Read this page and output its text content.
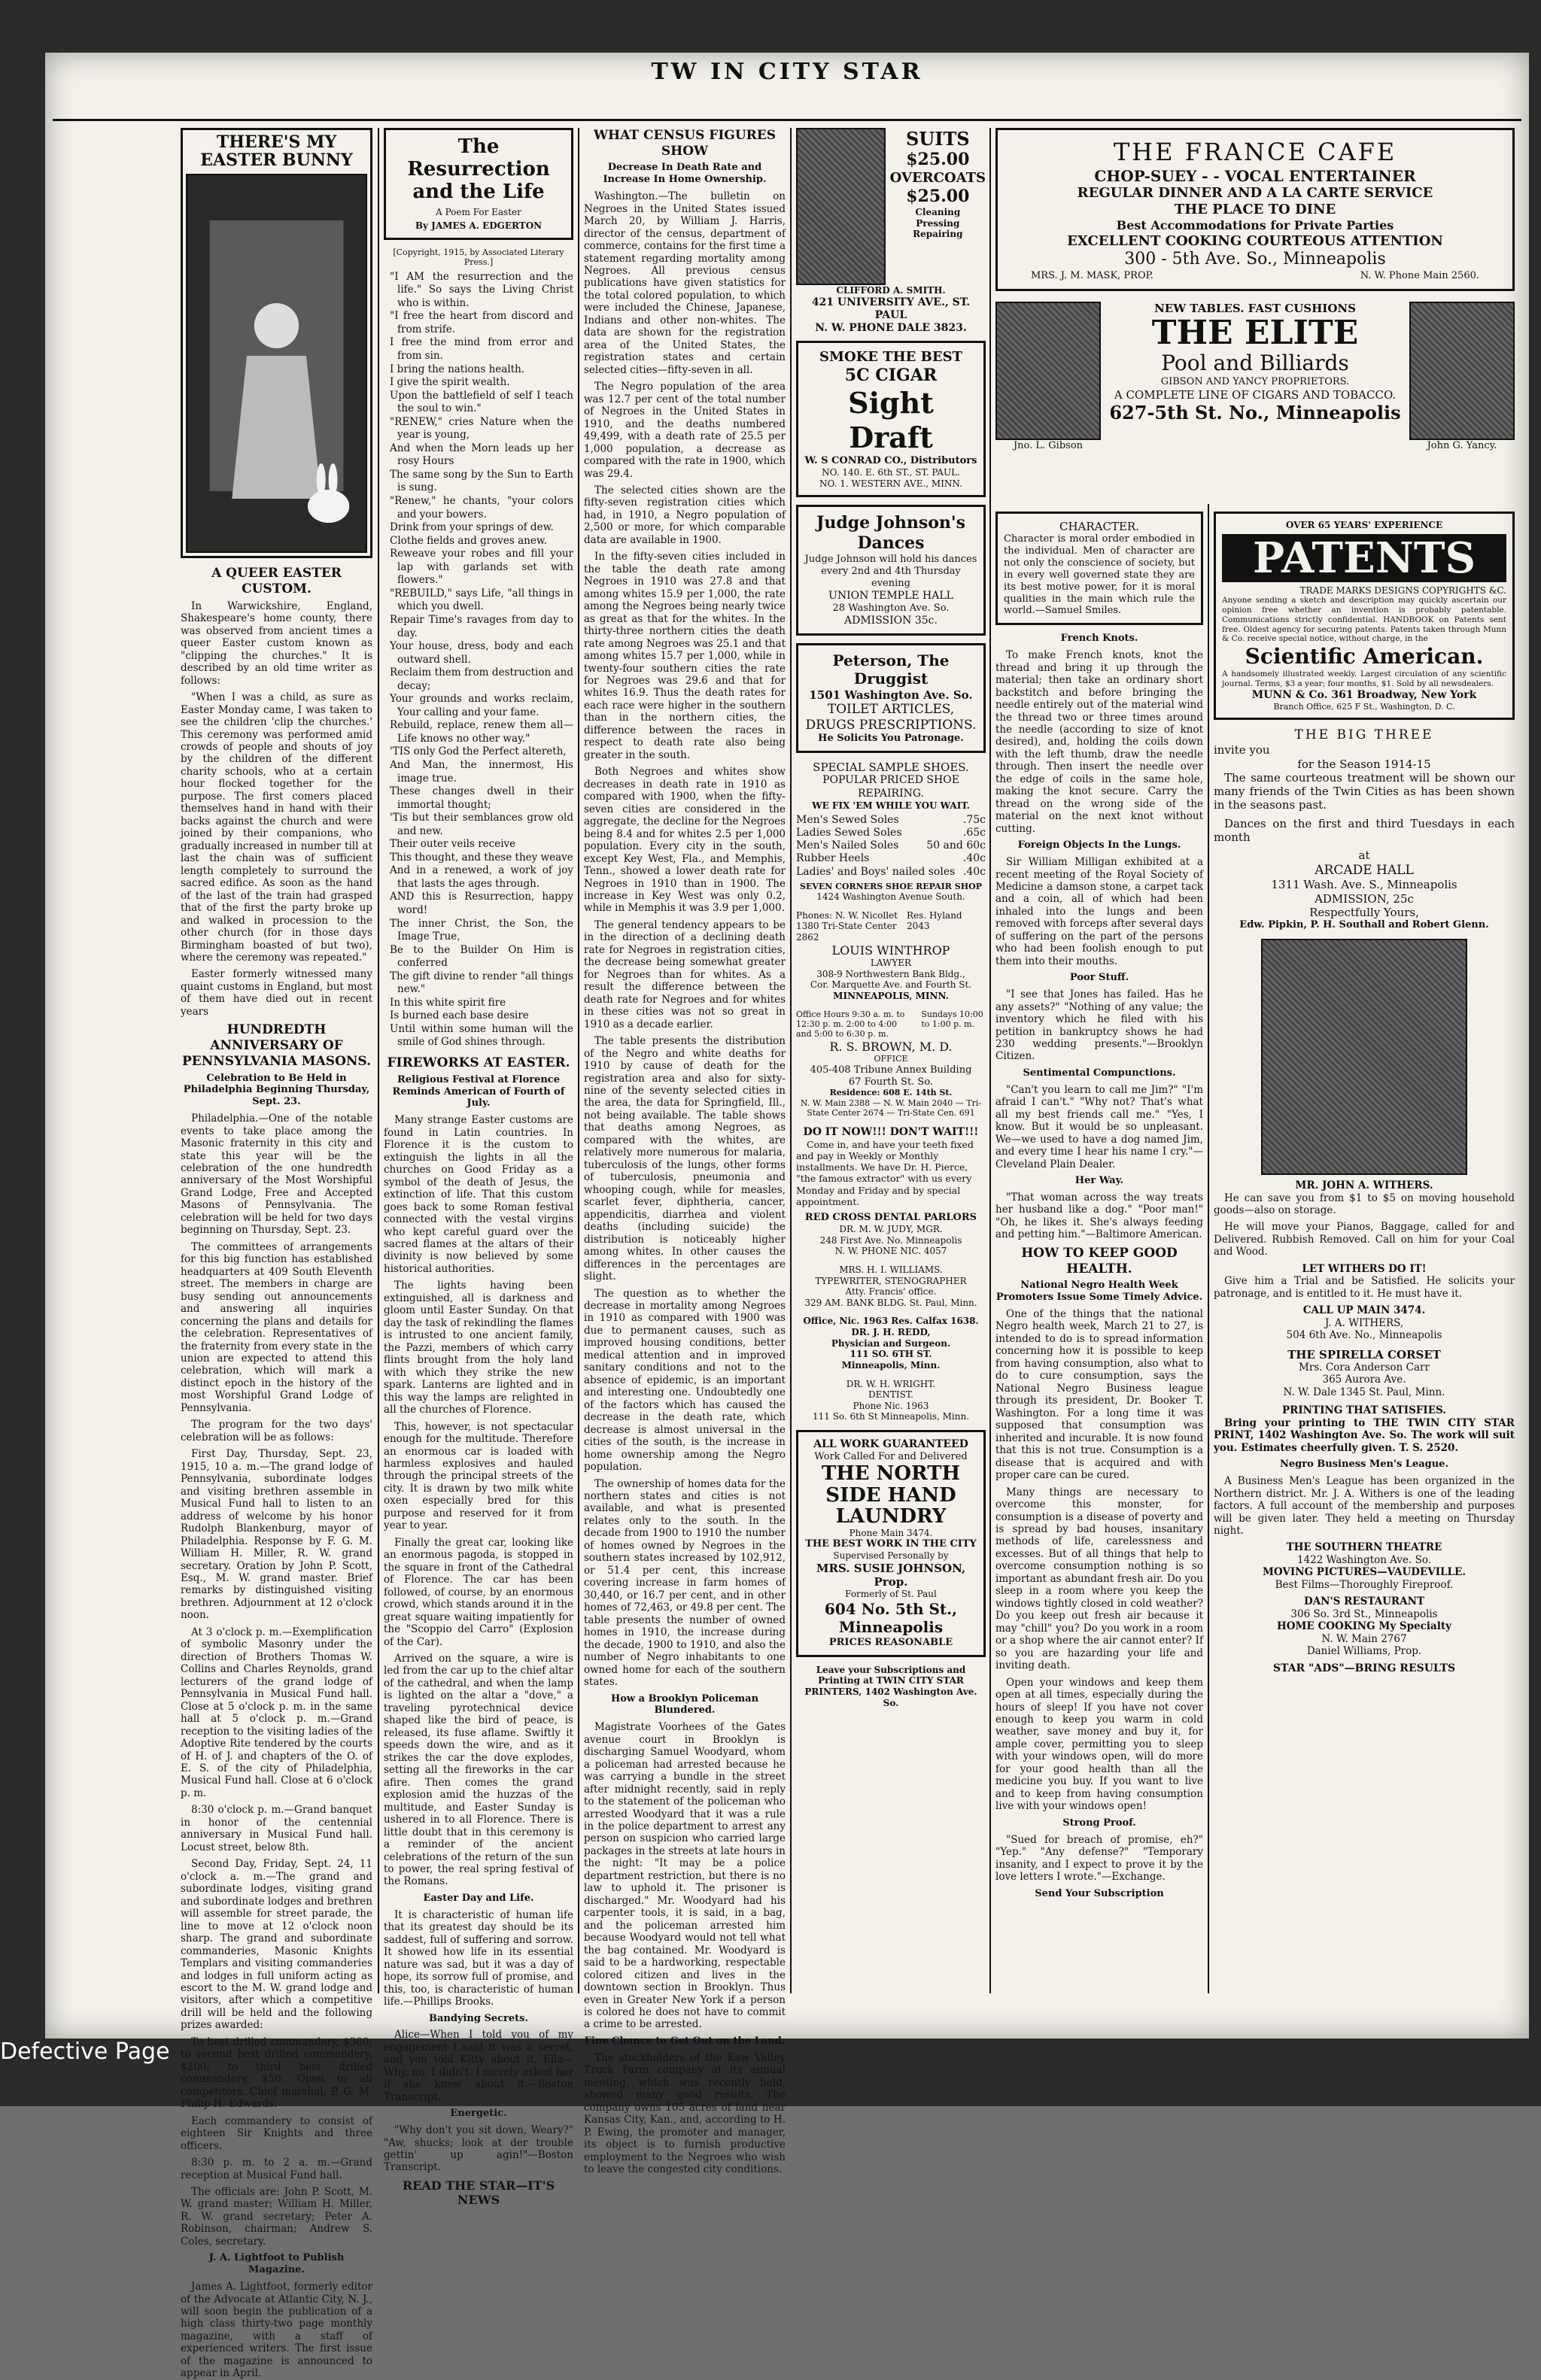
TW IN CITY STAR
THERE'S MY EASTER BUNNY
A QUEER EASTER CUSTOM.

In Warwickshire, England, Shakespeare's home county, there was observed from ancient times a queer Easter custom known as "clipping the churches." It is described by an old time writer as follows:

"When I was a child, as sure as Easter Monday came, I was taken to see the children 'clip the churches.' This ceremony was performed amid crowds of people and shouts of joy by the children of the different charity schools, who at a certain hour flocked together for the purpose. The first comers placed themselves hand in hand with their backs against the church and were joined by their companions, who gradually increased in number till at last the chain was of sufficient length completely to surround the sacred edifice. As soon as the hand of the last of the train had grasped that of the first the party broke up and walked in procession to the other church (for in those days Birmingham boasted of but two), where the ceremony was repeated."

Easter formerly witnessed many quaint customs in England, but most of them have died out in recent years

HUNDREDTH ANNIVERSARY OF PENNSYLVANIA MASONS.
Celebration to Be Held in Philadelphia Beginning Thursday, Sept. 23.

Philadelphia.—One of the notable events to take place among the Masonic fraternity in this city and state this year will be the celebration of the one hundredth anniversary of the Most Worshipful Grand Lodge, Free and Accepted Masons of Pennsylvania. The celebration will be held for two days beginning on Thursday, Sept. 23.

The committees of arrangements for this big function has established headquarters at 409 South Eleventh street. The members in charge are busy sending out announcements and answering all inquiries concerning the plans and details for the celebration. Representatives of the fraternity from every state in the union are expected to attend this celebration, which will mark a distinct epoch in the history of the most Worshipful Grand Lodge of Pennsylvania.

The program for the two days' celebration will be as follows:

First Day, Thursday, Sept. 23, 1915, 10 a. m.—The grand lodge of Pennsylvania, subordinate lodges and visiting brethren assemble in Musical Fund hall to listen to an address of welcome by his honor Rudolph Blankenburg, mayor of Philadelphia. Response by F. G. M. William H. Miller, R. W. grand secretary. Oration by John P. Scott, Esq., M. W. grand master. Brief remarks by distinguished visiting brethren. Adjournment at 12 o'clock noon.

At 3 o'clock p. m.—Exemplification of symbolic Masonry under the direction of Brothers Thomas W. Collins and Charles Reynolds, grand lecturers of the grand lodge of Pennsylvania in Musical Fund hall. Close at 5 o'clock p. m. in the same hall at 5 o'clock p. m.—Grand reception to the visiting ladies of the Adoptive Rite tendered by the courts of H. of J. and chapters of the O. of E. S. of the city of Philadelphia, Musical Fund hall. Close at 6 o'clock p. m.

8:30 o'clock p. m.—Grand banquet in honor of the centennial anniversary in Musical Fund hall. Locust street, below 8th.

Second Day, Friday, Sept. 24, 11 o'clock a. m.—The grand and subordinate lodges, visiting grand and subordinate lodges and brethren will assemble for street parade, the line to move at 12 o'clock noon sharp. The grand and subordinate commanderies, Masonic Knights Templars and visiting commanderies and lodges in full uniform acting as escort to the M. W. grand lodge and visitors, after which a competitive drill will be held and the following prizes awarded:

To best drilled commandery, $300; to second best drilled commandery, $200; to third best drilled commandery, $50. Open to all competitors. Chief marshal, P. G. M. Philip H. Edwards.

Each commandery to consist of eighteen Sir Knights and three officers.

8:30 p. m. to 2 a. m.—Grand reception at Musical Fund hall.

The officials are: John P. Scott, M. W. grand master; William H. Miller, R. W. grand secretary; Peter A. Robinson, chairman; Andrew S. Coles, secretary.

J. A. Lightfoot to Publish Magazine.

James A. Lightfoot, formerly editor of the Advocate at Atlantic City, N. J., will soon begin the publication of a high class thirty-two page monthly magazine, with a staff of experienced writers. The first issue of the magazine is announced to appear in April.

The Resurrection and the Life
A Poem For Easter
By JAMES A. EDGERTON
[Copyright, 1915, by Associated Literary Press.]
"I AM the resurrection and the life." So says the Living Christ who is within.
"I free the heart from discord and from strife.
I free the mind from error and from sin.
I bring the nations health.
I give the spirit wealth.
Upon the battlefield of self I teach the soul to win."
"RENEW," cries Nature when the year is young,
And when the Morn leads up her rosy Hours
The same song by the Sun to Earth is sung.
"Renew," he chants, "your colors and your bowers.
Drink from your springs of dew.
Clothe fields and groves anew.
Reweave your robes and fill your lap with garlands set with flowers."
"REBUILD," says Life, "all things in which you dwell.
Repair Time's ravages from day to day.
Your house, dress, body and each outward shell.
Reclaim them from destruction and decay;
Your grounds and works reclaim, Your calling and your fame.
Rebuild, replace, renew them all—Life knows no other way."
'TIS only God the Perfect altereth,
And Man, the innermost, His image true.
These changes dwell in their immortal thought;
'Tis but their semblances grow old and new.
Their outer veils receive
This thought, and these they weave
And in a renewed, a work of joy that lasts the ages through.
AND this is Resurrection, happy word!
The inner Christ, the Son, the Image True,
Be to the Builder On Him is conferred
The gift divine to render "all things new."
In this white spirit fire
Is burned each base desire
Until within some human will the smile of God shines through.
FIREWORKS AT EASTER.
Religious Festival at Florence Reminds American of Fourth of July.

Many strange Easter customs are found in Latin countries. In Florence it is the custom to extinguish the lights in all the churches on Good Friday as a symbol of the death of Jesus, the extinction of life. That this custom goes back to some Roman festival connected with the vestal virgins who kept careful guard over the sacred flames at the altars of their divinity is now believed by some historical authorities.

The lights having been extinguished, all is darkness and gloom until Easter Sunday. On that day the task of rekindling the flames is intrusted to one ancient family, the Pazzi, members of which carry flints brought from the holy land with which they strike the new spark. Lanterns are lighted and in this way the lamps are relighted in all the churches of Florence.

This, however, is not spectacular enough for the multitude. Therefore an enormous car is loaded with harmless explosives and hauled through the principal streets of the city. It is drawn by two milk white oxen especially bred for this purpose and reserved for it from year to year.

Finally the great car, looking like an enormous pagoda, is stopped in the square in front of the Cathedral of Florence. The car has been followed, of course, by an enormous crowd, which stands around it in the great square waiting impatiently for the "Scoppio del Carro" (Explosion of the Car).

Arrived on the square, a wire is led from the car up to the chief altar of the cathedral, and when the lamp is lighted on the altar a "dove," a traveling pyrotechnical device shaped like the bird of peace, is released, its fuse aflame. Swiftly it speeds down the wire, and as it strikes the car the dove explodes, setting all the fireworks in the car afire. Then comes the grand explosion amid the huzzas of the multitude, and Easter Sunday is ushered in to all Florence. There is little doubt that in this ceremony is a reminder of the ancient celebrations of the return of the sun to power, the real spring festival of the Romans.

Easter Day and Life.

It is characteristic of human life that its greatest day should be its saddest, full of suffering and sorrow. It showed how life in its essential nature was sad, but it was a day of hope, its sorrow full of promise, and this, too, is characteristic of human life.—Phillips Brooks.

Bandying Secrets.

Alice—When I told you of my engagement I said it was a secret, and you told Kitty about it. Ella—Why, no, I didn't. I merely asked her if she knew about it.—Boston Transcript.

Energetic.

"Why don't you sit down, Weary?" "Aw, shucks; look at der trouble gettin' up agin!"—Boston Transcript.

READ THE STAR—IT'S NEWS
WHAT CENSUS FIGURES SHOW
Decrease In Death Rate and Increase In Home Ownership.

Washington.—The bulletin on Negroes in the United States issued March 20, by William J. Harris, director of the census, department of commerce, contains for the first time a statement regarding mortality among Negroes. All previous census publications have given statistics for the total colored population, to which were included the Chinese, Japanese, Indians and other non-whites. The data are shown for the registration area of the United States, the registration states and certain selected cities—fifty-seven in all.

The Negro population of the area was 12.7 per cent of the total number of Negroes in the United States in 1910, and the deaths numbered 49,499, with a death rate of 25.5 per 1,000 population, a decrease as compared with the rate in 1900, which was 29.4.

The selected cities shown are the fifty-seven registration cities which had, in 1910, a Negro population of 2,500 or more, for which comparable data are available in 1900.

In the fifty-seven cities included in the table the death rate among Negroes in 1910 was 27.8 and that among whites 15.9 per 1,000, the rate among the Negroes being nearly twice as great as that for the whites. In the thirty-three northern cities the death rate among Negroes was 25.1 and that among whites 15.7 per 1,000, while in twenty-four southern cities the rate for Negroes was 29.6 and that for whites 16.9. Thus the death rates for each race were higher in the southern than in the northern cities, the difference between the races in respect to death rate also being greater in the south.

Both Negroes and whites show decreases in death rate in 1910 as compared with 1900, when the fifty-seven cities are considered in the aggregate, the decline for the Negroes being 8.4 and for whites 2.5 per 1,000 population. Every city in the south, except Key West, Fla., and Memphis, Tenn., showed a lower death rate for Negroes in 1910 than in 1900. The increase in Key West was only 0.2, while in Memphis it was 3.9 per 1,000.

The general tendency appears to be in the direction of a declining death rate for Negroes in registration cities, the decrease being somewhat greater for Negroes than for whites. As a result the difference between the death rate for Negroes and for whites in these cities was not so great in 1910 as a decade earlier.

The table presents the distribution of the Negro and white deaths for 1910 by cause of death for the registration area and also for sixty-nine of the seventy selected cities in the area, the data for Springfield, Ill., not being available. The table shows that deaths among Negroes, as compared with the whites, are relatively more numerous for malaria, tuberculosis of the lungs, other forms of tuberculosis, pneumonia and whooping cough, while for measles, scarlet fever, diphtheria, cancer, appendicitis, diarrhea and violent deaths (including suicide) the distribution is noticeably higher among whites. In other causes the differences in the percentages are slight.

The question as to whether the decrease in mortality among Negroes in 1910 as compared with 1900 was due to permanent causes, such as improved housing conditions, better medical attention and in improved sanitary conditions and not to the absence of epidemic, is an important and interesting one. Undoubtedly one of the factors which has caused the decrease in the death rate, which decrease is almost universal in the cities of the south, is the increase in home ownership among the Negro population.

The ownership of homes data for the northern states and cities is not available, and what is presented relates only to the south. In the decade from 1900 to 1910 the number of homes owned by Negroes in the southern states increased by 102,912, or 51.4 per cent, this increase covering increase in farm homes of 30,440, or 16.7 per cent, and in other homes of 72,463, or 49.8 per cent. The table presents the number of owned homes in 1910, the increase during the decade, 1900 to 1910, and also the number of Negro inhabitants to one owned home for each of the southern states.

How a Brooklyn Policeman Blundered.

Magistrate Voorhees of the Gates avenue court in Brooklyn is discharging Samuel Woodyard, whom a policeman had arrested because he was carrying a bundle in the street after midnight recently, said in reply to the statement of the policeman who arrested Woodyard that it was a rule in the police department to arrest any person on suspicion who carried large packages in the streets at late hours in the night: "It may be a police department restriction, but there is no law to uphold it. The prisoner is discharged." Mr. Woodyard had his carpenter tools, it is said, in a bag, and the policeman arrested him because Woodyard would not tell what the bag contained. Mr. Woodyard is said to be a hardworking, respectable colored citizen and lives in the downtown section in Brooklyn. Thus even in Greater New York if a person is colored he does not have to commit a crime to be arrested.

Fine Chance to Get Out on the Land.

The stockholders of the Kaw Valley Truck Farm company at its annual meeting, which was recently held, showed many good results. The company owns 105 acres of land near Kansas City, Kan., and, according to H. P. Ewing, the promoter and manager, its object is to furnish productive employment to the Negroes who wish to leave the congested city conditions.

SUITS
$25.00
OVERCOATS
$25.00
Cleaning
Pressing
Repairing
CLIFFORD A. SMITH.
421 UNIVERSITY AVE., ST. PAUL
N. W. PHONE DALE 3823.
SMOKE THE BEST
5C CIGAR
Sight Draft
W. S CONRAD CO., Distributors
NO. 140. E. 6th ST., ST. PAUL.
NO. 1. WESTERN AVE., MINN.
Judge Johnson's Dances
Judge Johnson will hold his dances every 2nd and 4th Thursday evening
UNION TEMPLE HALL
28 Washington Ave. So.
ADMISSION 35c.
Peterson, The Druggist
1501 Washington Ave. So.
TOILET ARTICLES, DRUGS PRESCRIPTIONS.
He Solicits You Patronage.
SPECIAL SAMPLE SHOES.
POPULAR PRICED SHOE REPAIRING.
WE FIX 'EM WHILE YOU WAIT.
Men's Sewed Soles	.75c
Ladies Sewed Soles	.65c
Men's Nailed Soles	50 and 60c
Rubber Heels	.40c
Ladies' and Boys' nailed soles .40c
SEVEN CORNERS SHOE REPAIR SHOP
1424 Washington Avenue South.
Phones: N. W. Nicollet 1380 Tri-State Center 2862
Res. Hyland 2043
LOUIS WINTHROP
LAWYER
308-9 Northwestern Bank Bldg.,
Cor. Marquette Ave. and Fourth St.
MINNEAPOLIS, MINN.
Office Hours 9:30 a. m. to 12:30 p. m. 2:00 to 4:00 and 5:00 to 6:30 p. m.
Sundays 10:00 to 1:00 p. m.
R. S. BROWN, M. D.
OFFICE
405-408 Tribune Annex Building
67 Fourth St. So.
Residence: 608 E. 14th St.
N. W. Main 2388 — N. W. Main 2040 — Tri-State Center 2674 — Tri-State Cen. 691
DO IT NOW!!! DON'T WAIT!!!

Come in, and have your teeth fixed and pay in Weekly or Monthly installments. We have Dr. H. Pierce, "the famous extractor" with us every Monday and Friday and by special appointment.

RED CROSS DENTAL PARLORS
DR. M. W. JUDY, MGR.
248 First Ave. No. Minneapolis
N. W. PHONE NIC. 4057
MRS. H. I. WILLIAMS.
TYPEWRITER, STENOGRAPHER
Atty. Francis' office.
329 AM. BANK BLDG. St. Paul, Minn.
Office, Nic. 1963 Res. Calfax 1638.
DR. J. H. REDD,
Physician and Surgeon.
111 SO. 6TH ST.
Minneapolis, Minn.
DR. W. H. WRIGHT.
DENTIST.
Phone Nic. 1963
111 So. 6th St Minneapolis, Minn.
ALL WORK GUARANTEED
Work Called For and Delivered
THE NORTH SIDE HAND LAUNDRY
Phone Main 3474.
THE BEST WORK IN THE CITY
Supervised Personally by
MRS. SUSIE JOHNSON, Prop.
Formerly of St. Paul
604 No. 5th St., Minneapolis
PRICES REASONABLE
Leave your Subscriptions and Printing at TWIN CITY STAR PRINTERS, 1402 Washington Ave. So.
THE FRANCE CAFE
CHOP-SUEY - - VOCAL ENTERTAINER
REGULAR DINNER AND A LA CARTE SERVICE
THE PLACE TO DINE
Best Accommodations for Private Parties
EXCELLENT COOKING COURTEOUS ATTENTION
300 - 5th Ave. So., Minneapolis
MRS. J. M. MASK, PROP.	N. W. Phone Main 2560.
Jno. L. Gibson
NEW TABLES. FAST CUSHIONS
THE ELITE
Pool and Billiards
GIBSON AND YANCY PROPRIETORS.
A COMPLETE LINE OF CIGARS AND TOBACCO.
627-5th St. No., Minneapolis
John G. Yancy.
CHARACTER.
Character is moral order embodied in the individual. Men of character are not only the conscience of society, but in every well governed state they are its best motive power, for it is moral qualities in the main which rule the world.—Samuel Smiles.
French Knots.

To make French knots, knot the thread and bring it up through the material; then take an ordinary short backstitch and before bringing the needle entirely out of the material wind the thread two or three times around the needle (according to size of knot desired), and, holding the coils down with the left thumb, draw the needle through. Then insert the needle over the edge of coils in the same hole, making the knot secure. Carry the thread on the wrong side of the material on the next knot without cutting.

Foreign Objects In the Lungs.

Sir William Milligan exhibited at a recent meeting of the Royal Society of Medicine a damson stone, a carpet tack and a coin, all of which had been inhaled into the lungs and been removed with forceps after several days of suffering on the part of the persons who had been foolish enough to put them into their mouths.

Poor Stuff.

"I see that Jones has failed. Has he any assets?" "Nothing of any value; the inventory which he filed with his petition in bankruptcy shows he had 230 wedding presents."—Brooklyn Citizen.

Sentimental Compunctions.

"Can't you learn to call me Jim?" "I'm afraid I can't." "Why not? That's what all my best friends call me." "Yes, I know. But it would be so unpleasant. We—we used to have a dog named Jim, and every time I hear his name I cry."—Cleveland Plain Dealer.

Her Way.

"That woman across the way treats her husband like a dog." "Poor man!" "Oh, he likes it. She's always feeding and petting him."—Baltimore American.

HOW TO KEEP GOOD HEALTH.
National Negro Health Week Promoters Issue Some Timely Advice.

One of the things that the national Negro health week, March 21 to 27, is intended to do is to spread information concerning how it is possible to keep from having consumption, also what to do to cure consumption, says the National Negro Business league through its president, Dr. Booker T. Washington. For a long time it was supposed that consumption was inherited and incurable. It is now found that this is not true. Consumption is a disease that is acquired and with proper care can be cured.

Many things are necessary to overcome this monster, for consumption is a disease of poverty and is spread by bad houses, insanitary methods of life, carelessness and excesses. But of all things that help to overcome consumption nothing is so important as abundant fresh air. Do you sleep in a room where you keep the windows tightly closed in cold weather? Do you keep out fresh air because it may "chill" you? Do you work in a room or a shop where the air cannot enter? If so you are hazarding your life and inviting death.

Open your windows and keep them open at all times, especially during the hours of sleep! If you have not cover enough to keep you warm in cold weather, save money and buy it, for ample cover, permitting you to sleep with your windows open, will do more for your good health than all the medicine you buy. If you want to live and to keep from having consumption live with your windows open!

Strong Proof.

"Sued for breach of promise, eh?" "Yep." "Any defense?" "Temporary insanity, and I expect to prove it by the love letters I wrote."—Exchange.

Send Your Subscription
OVER 65 YEARS' EXPERIENCE
PATENTS
TRADE MARKS DESIGNS COPYRIGHTS &C.
Anyone sending a sketch and description may quickly ascertain our opinion free whether an invention is probably patentable. Communications strictly confidential. HANDBOOK on Patents sent free. Oldest agency for securing patents. Patents taken through Munn & Co. receive special notice, without charge, in the
Scientific American.
A handsomely illustrated weekly. Largest circulation of any scientific journal. Terms, $3 a year; four months, $1. Sold by all newsdealers.
MUNN & Co. 361 Broadway, New York
Branch Office, 625 F St., Washington, D. C.
THE BIG THREE
invite you
for the Season 1914-15

The same courteous treatment will be shown our many friends of the Twin Cities as has been shown in the seasons past.

Dances on the first and third Tuesdays in each month

at
ARCADE HALL
1311 Wash. Ave. S., Minneapolis
ADMISSION, 25c
Respectfully Yours,
Edw. Pipkin, P. H. Southall and Robert Glenn.
MR. JOHN A. WITHERS.

He can save you from $1 to $5 on moving household goods—also on storage.

He will move your Pianos, Baggage, called for and Delivered. Rubbish Removed. Call on him for your Coal and Wood.

LET WITHERS DO IT!

Give him a Trial and be Satisfied. He solicits your patronage, and is entitled to it. He must have it.

CALL UP MAIN 3474.
J. A. WITHERS,
504 6th Ave. No., Minneapolis
THE SPIRELLA CORSET
Mrs. Cora Anderson Carr
365 Aurora Ave.
N. W. Dale 1345 St. Paul, Minn.
PRINTING THAT SATISFIES.

Bring your printing to THE TWIN CITY STAR PRINT, 1402 Washington Ave. So. The work will suit you. Estimates cheerfully given. T. S. 2520.

Negro Business Men's League.

A Business Men's League has been organized in the Northern district. Mr. J. A. Withers is one of the leading factors. A full account of the membership and purposes will be given later. They held a meeting on Thursday night.

THE SOUTHERN THEATRE
1422 Washington Ave. So.
MOVING PICTURES—VAUDEVILLE.
Best Films—Thoroughly Fireproof.
DAN'S RESTAURANT
306 So. 3rd St., Minneapolis
HOME COOKING My Specialty
N. W. Main 2767
Daniel Williams, Prop.
STAR "ADS"—BRING RESULTS
Defective Page
